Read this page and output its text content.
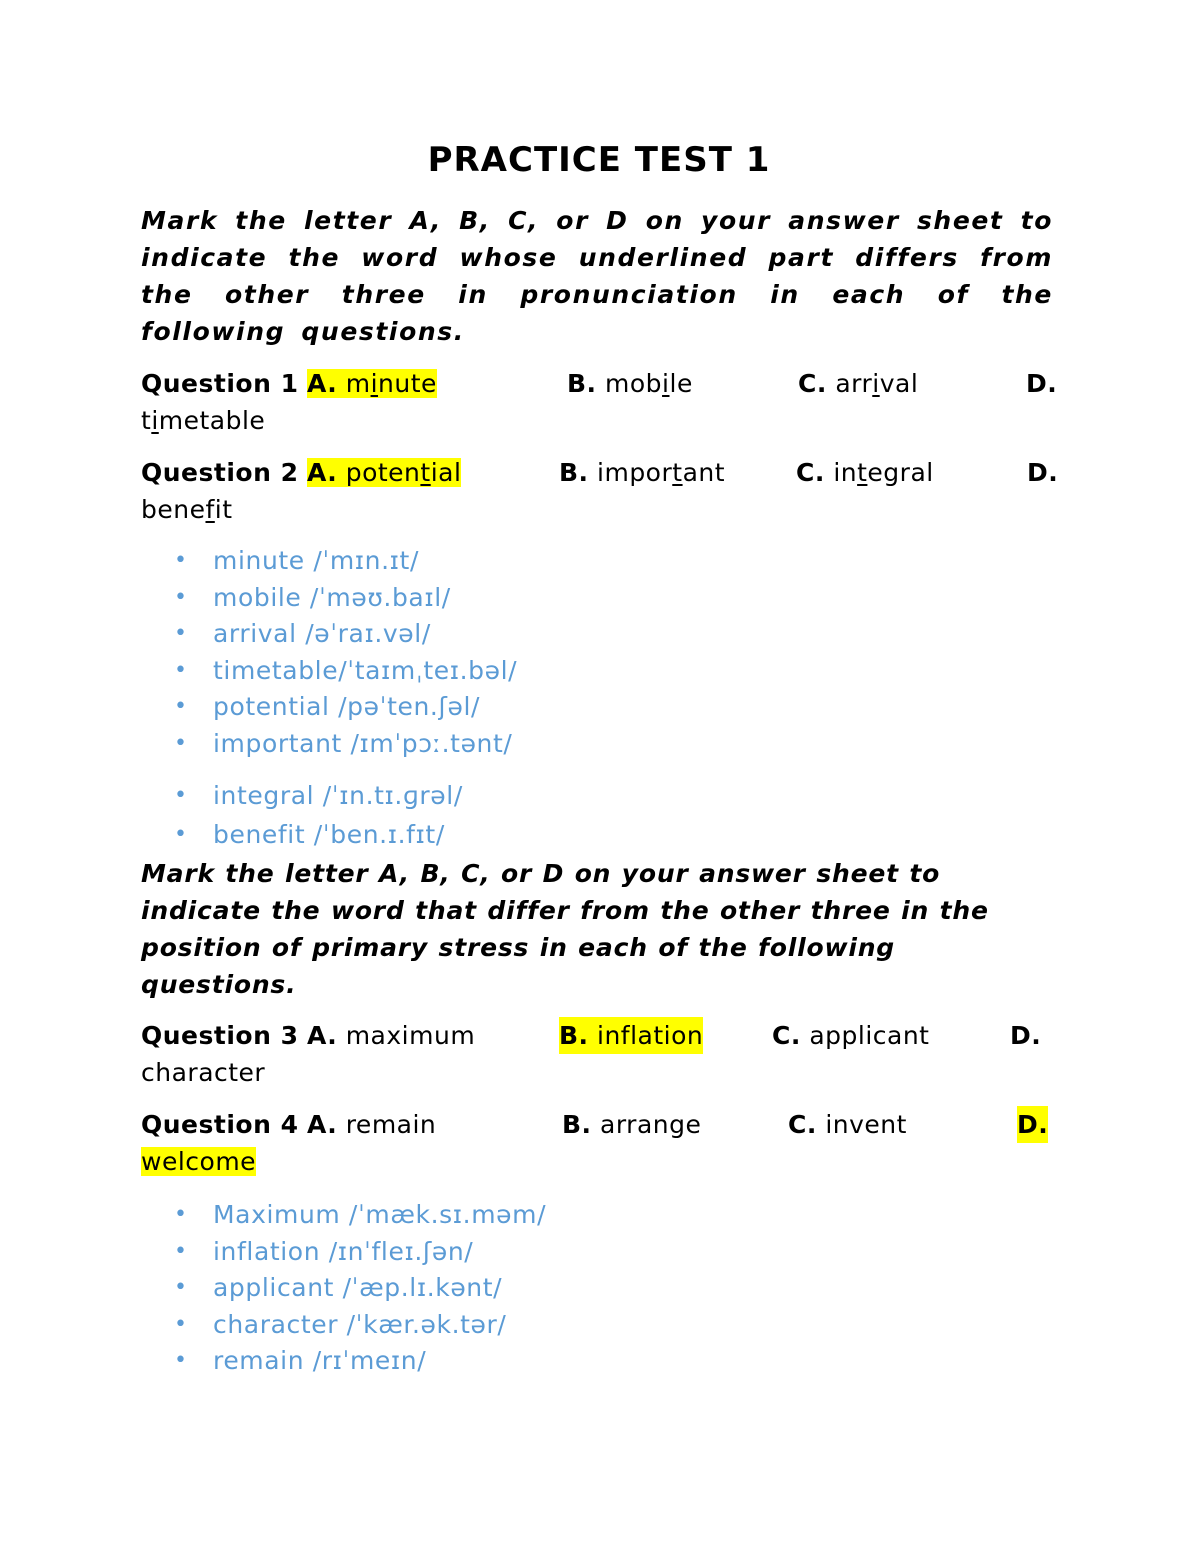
PRACTICE TEST 1

Mark the letter A, B, C, or D on your answer sheet to indicate the word whose underlined part differs from the other three in pronunciation in each of the following questions.

Question 1 A. minute	B. mobile	C. arrival	D.
timetable
Question 2 A. potential	B. important	C. integral	D.
benefit
• minute /ˈmɪn.ɪt/
• mobile /ˈməʊ.baɪl/
• arrival /əˈraɪ.vəl/
• timetable/ˈtaɪmˌteɪ.bəl/
• potential /pəˈten.ʃəl/
• important /ɪmˈpɔː.tənt/
• integral /ˈɪn.tɪ.ɡrəl/
• benefit /ˈben.ɪ.fɪt/

Mark the letter A, B, C, or D on your answer sheet to indicate the word that differ from the other three in the position of primary stress in each of the following questions.

Question 3 A. maximum	B. inflation	C. applicant	D.
character
Question 4 A. remain	B. arrange	C. invent	D.
welcome
• Maximum /ˈmæk.sɪ.məm/
• inflation /ɪnˈfleɪ.ʃən/
• applicant /ˈæp.lɪ.kənt/
• character /ˈkær.ək.tər/
• remain /rɪˈmeɪn/
